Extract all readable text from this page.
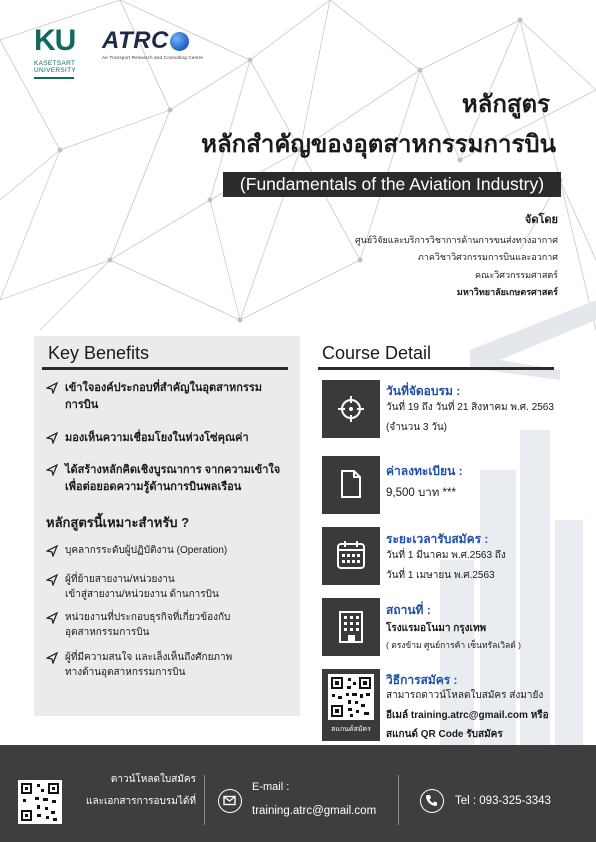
KU
KASETSART
UNIVERSITY
ATRC
Air Transport Research and Consulting Centre
หลักสูตร
หลักสำคัญของอุตสาหกรรมการบิน
(Fundamentals of the Aviation Industry)
จัดโดย
ศูนย์วิจัยและบริการวิชาการด้านการขนส่งทางอากาศ
ภาควิชาวิศวกรรมการบินและอวกาศ
คณะวิศวกรรมศาสตร์
มหาวิทยาลัยเกษตรศาสตร์
Key Benefits
เข้าใจองค์ประกอบที่สำคัญในอุตสาหกรรม
การบิน
มองเห็นความเชื่อมโยงในห่วงโซ่คุณค่า
ได้สร้างหลักคิดเชิงบูรณาการ จากความเข้าใจ
เพื่อต่อยอดความรู้ด้านการบินพลเรือน
หลักสูตรนี้เหมาะสำหรับ ?
บุคลากรระดับผู้ปฏิบัติงาน (Operation)
ผู้ที่ย้ายสายงาน/หน่วยงาน
เข้าสู่สายงาน/หน่วยงาน ด้านการบิน
หน่วยงานที่ประกอบธุรกิจที่เกี่ยวข้องกับ
อุตสาหกรรมการบิน
ผู้ที่มีความสนใจ และเล็งเห็นถึงศักยภาพ
ทางด้านอุตสาหกรรมการบิน
Course Detail
วันที่จัดอบรม :
วันที่ 19 ถึง วันที่ 21 สิงหาคม พ.ศ. 2563
(จำนวน 3 วัน)
ค่าลงทะเบียน :
9,500 บาท ***
ระยะเวลารับสมัคร :
วันที่ 1 มีนาคม พ.ศ.2563 ถึง
วันที่ 1 เมษายน พ.ศ.2563
สถานที่ :
โรงแรมอโนมา กรุงเทพ
( ตรงข้าม ศูนย์การค้า เซ็นทรัลเวิลด์ )
สแกนด์สมัคร
วิธีการสมัคร :
สามารถดาวน์โหลดใบสมัคร ส่งมายัง
อีเมล์ training.atrc@gmail.com หรือ
สแกนด์ QR Code รับสมัคร
ดาวน์โหลดใบสมัคร
และเอกสารการอบรมได้ที่
E-mail :
training.atrc@gmail.com
Tel : 093-325-3343
